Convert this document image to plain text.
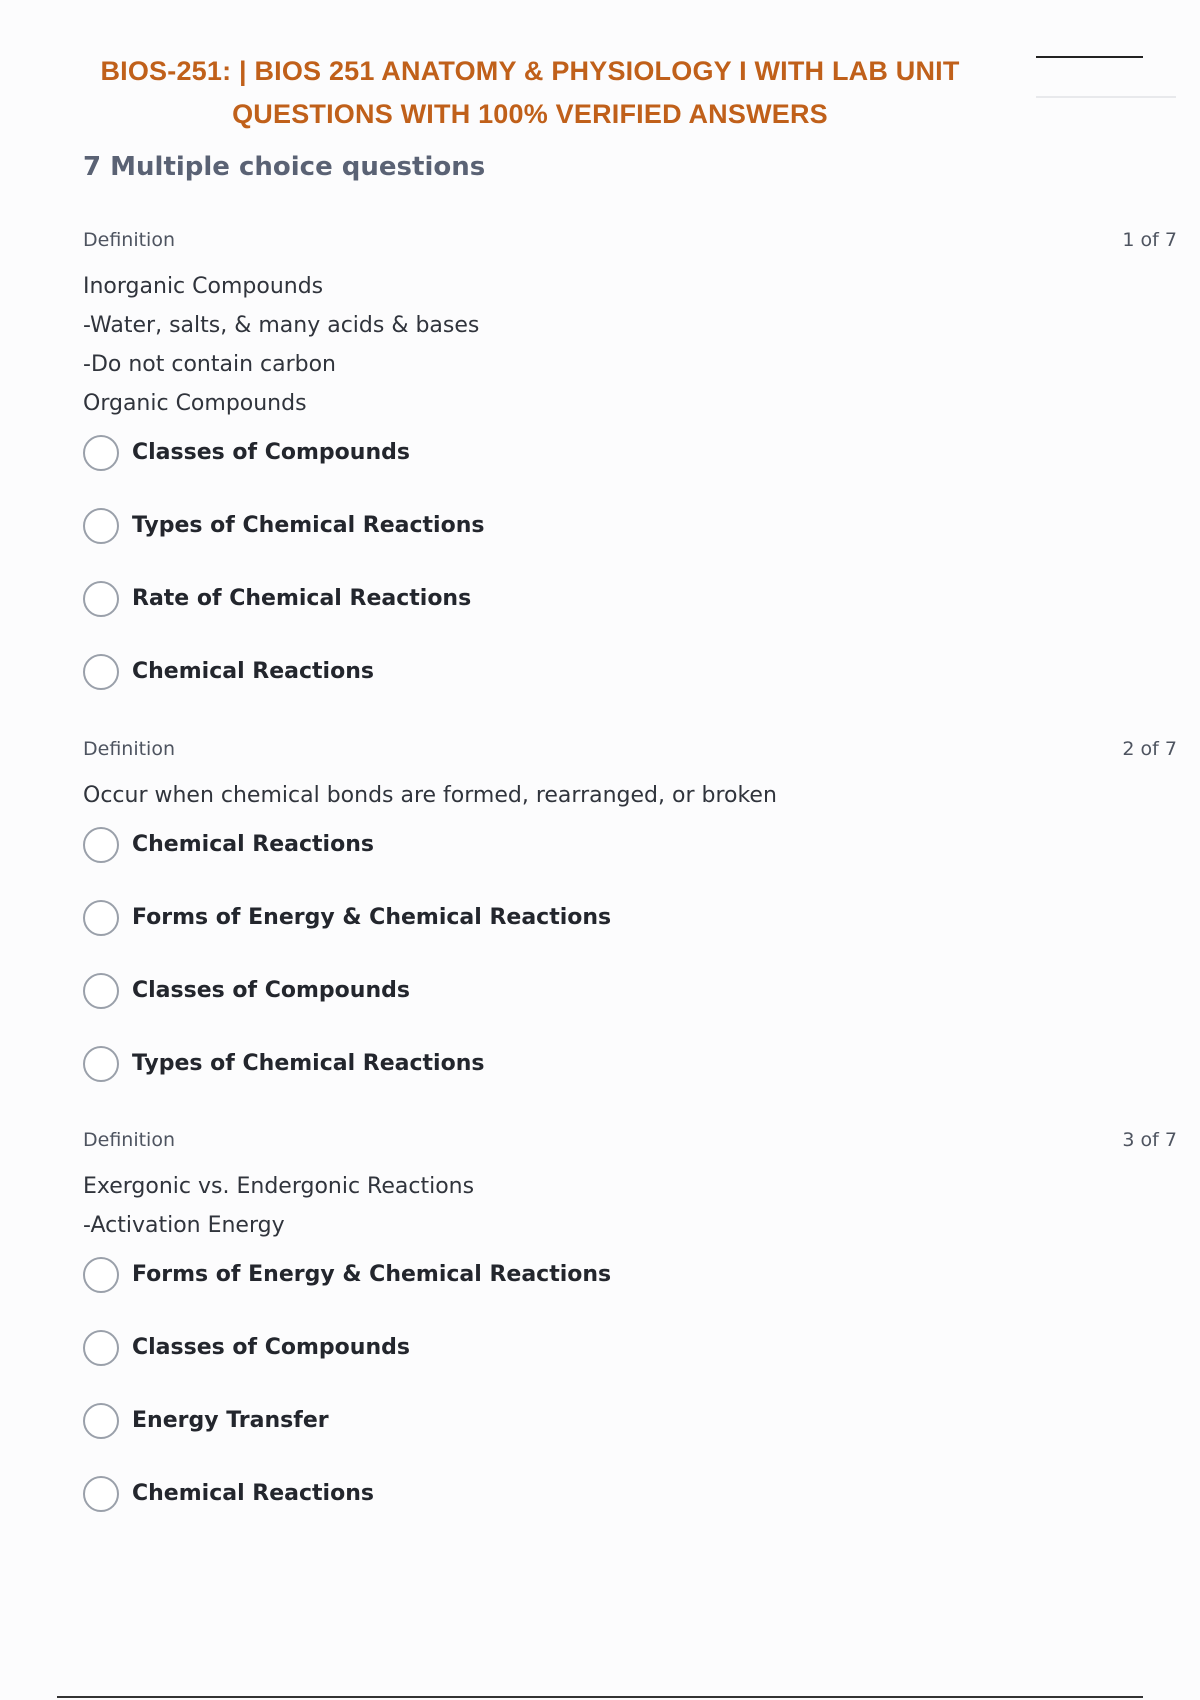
BIOS-251: | BIOS 251 ANATOMY & PHYSIOLOGY I WITH LAB UNIT
QUESTIONS WITH 100% VERIFIED ANSWERS
7 Multiple choice questions
Definition	1 of 7
Inorganic Compounds
-Water, salts, & many acids & bases
-Do not contain carbon
Organic Compounds
Classes of Compounds
Types of Chemical Reactions
Rate of Chemical Reactions
Chemical Reactions
Definition	2 of 7
Occur when chemical bonds are formed, rearranged, or broken
Chemical Reactions
Forms of Energy & Chemical Reactions
Classes of Compounds
Types of Chemical Reactions
Definition	3 of 7
Exergonic vs. Endergonic Reactions
-Activation Energy
Forms of Energy & Chemical Reactions
Classes of Compounds
Energy Transfer
Chemical Reactions
